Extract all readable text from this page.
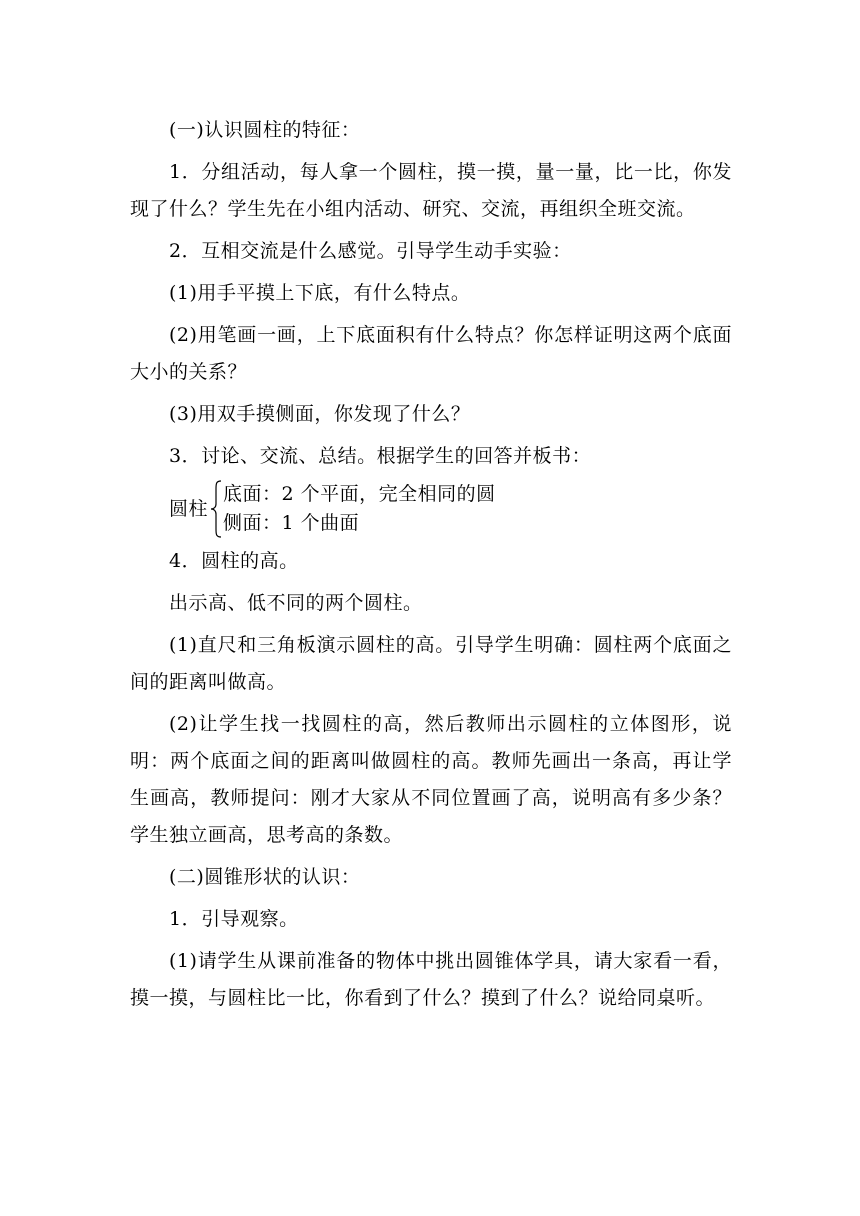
(一)认识圆柱的特征：

1．分组活动，每人拿一个圆柱，摸一摸，量一量，比一比，你发现了什么？学生先在小组内活动、研究、交流，再组织全班交流。

2．互相交流是什么感觉。引导学生动手实验：

(1)用手平摸上下底，有什么特点。

(2)用笔画一画，上下底面积有什么特点？你怎样证明这两个底面大小的关系？

(3)用双手摸侧面，你发现了什么？

3．讨论、交流、总结。根据学生的回答并板书：

圆柱
底面：2 个平面，完全相同的圆
侧面：1 个曲面

4．圆柱的高。

出示高、低不同的两个圆柱。

(1)直尺和三角板演示圆柱的高。引导学生明确：圆柱两个底面之间的距离叫做高。

(2)让学生找一找圆柱的高，然后教师出示圆柱的立体图形，说明：两个底面之间的距离叫做圆柱的高。教师先画出一条高，再让学生画高，教师提问：刚才大家从不同位置画了高，说明高有多少条？学生独立画高，思考高的条数。

(二)圆锥形状的认识：

1．引导观察。

(1)请学生从课前准备的物体中挑出圆锥体学具，请大家看一看，摸一摸，与圆柱比一比，你看到了什么？摸到了什么？说给同桌听。
